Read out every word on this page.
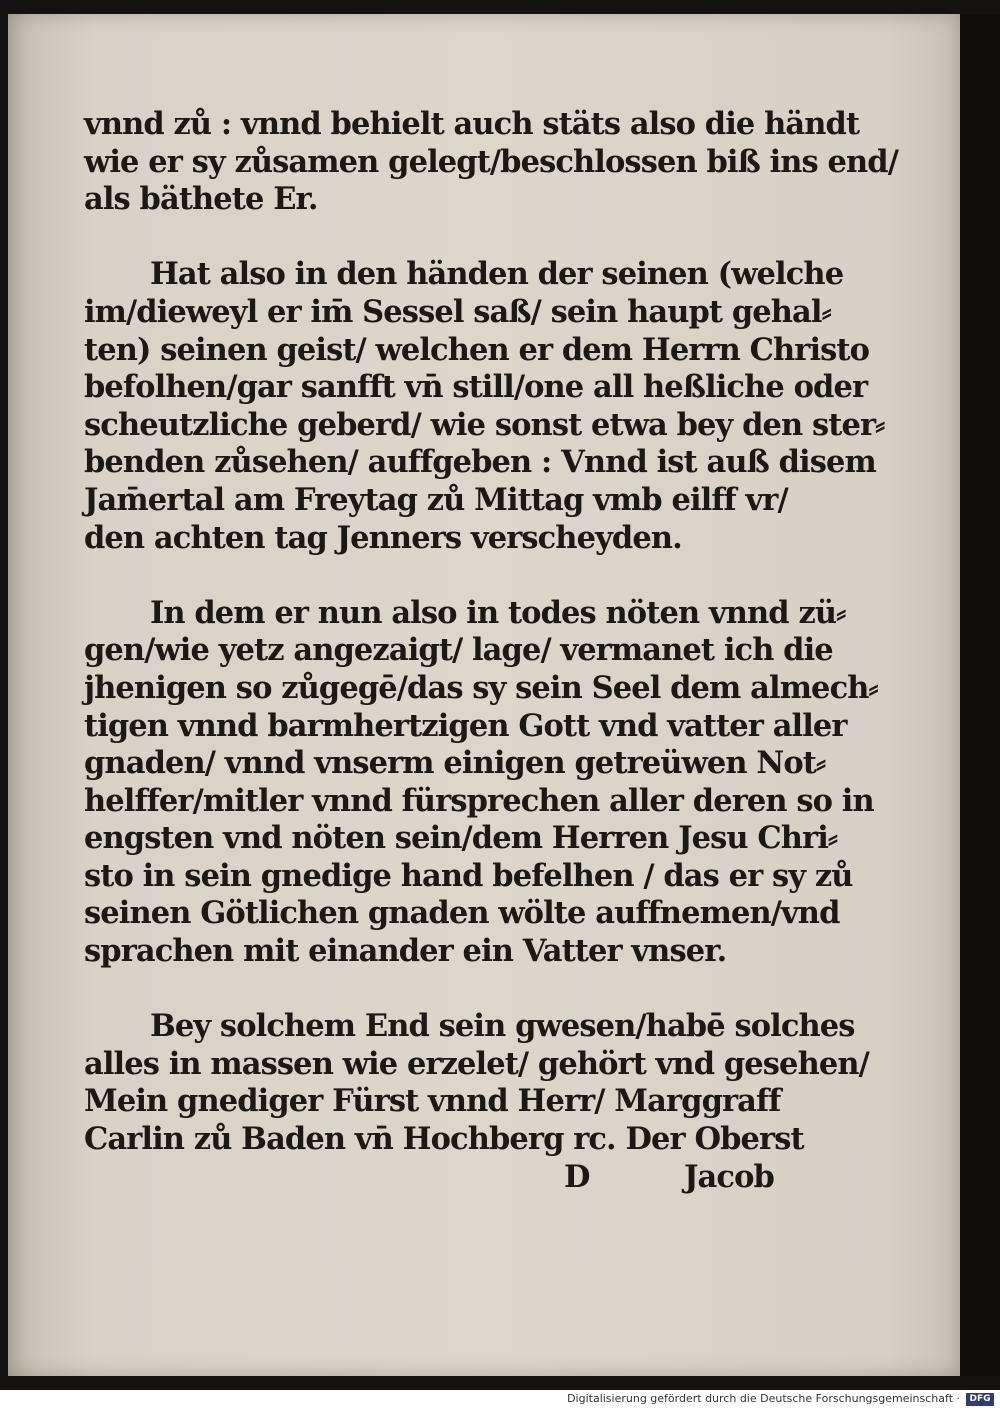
vnnd zů : vnnd behielt auch stäts also die händt
wie er sy zůsamen gelegt/beschlossen biß ins end/
als bäthete Er.
Hat also in den händen der seinen (welche
im/dieweyl er im̄ Sessel saß/ sein haupt gehal⸗
ten) seinen geist/ welchen er dem Herrn Christo
befolhen/gar sanfft vn̄ still/one all heßliche oder
scheutzliche geberd/ wie sonst etwa bey den ster⸗
benden zůsehen/ auffgeben : Vnnd ist auß disem
Jam̄ertal am Freytag zů Mittag vmb eilff vr/
den achten tag Jenners verscheyden.
In dem er nun also in todes nöten vnnd zü⸗
gen/wie yetz angezaigt/ lage/ vermanet ich die
jhenigen so zůgegē/das sy sein Seel dem almech⸗
tigen vnnd barmhertzigen Gott vnd vatter aller
gnaden/ vnnd vnserm einigen getreüwen Not⸗
helffer/mitler vnnd fürsprechen aller deren so in
engsten vnd nöten sein/dem Herren Jesu Chri⸗
sto in sein gnedige hand befelhen / das er sy zů
seinen Götlichen gnaden wölte auffnemen/vnd
sprachen mit einander ein Vatter vnser.
Bey solchem End sein gwesen/habē solches
alles in massen wie erzelet/ gehört vnd gesehen/
Mein gnediger Fürst vnnd Herr/ Marggraff
Carlin zů Baden vn̄ Hochberg rc. Der Oberst
D	Jacob
Digitalisierung gefördert durch die Deutsche Forschungsgemeinschaft ·	DFG
